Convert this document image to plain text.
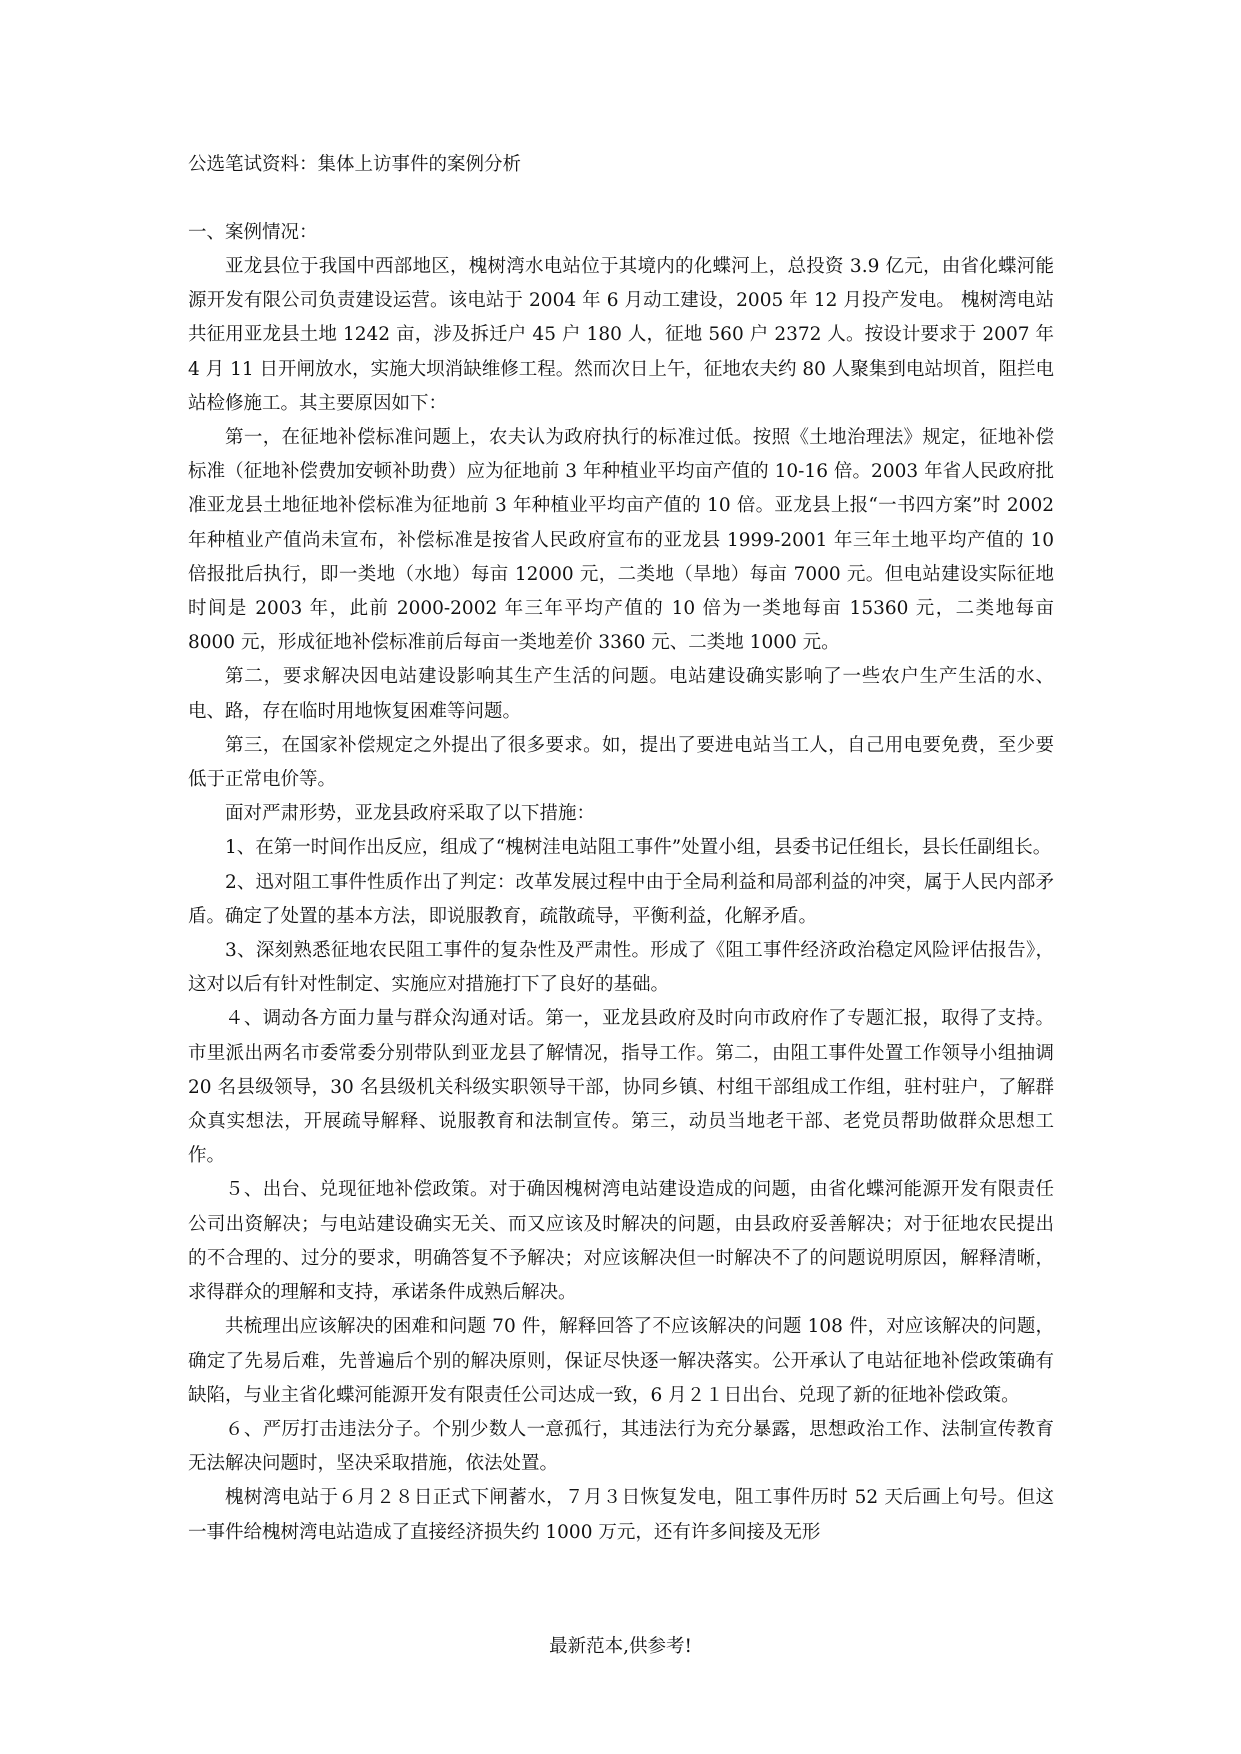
公选笔试资料：集体上访事件的案例分析

一、案例情况：

亚龙县位于我国中西部地区，槐树湾水电站位于其境内的化蝶河上，总投资 3.9 亿元，由省化蝶河能源开发有限公司负责建设运营。该电站于 2004 年 6 月动工建设，2005 年 12 月投产发电。 槐树湾电站共征用亚龙县土地 1242 亩，涉及拆迁户 45 户 180 人，征地 560 户 2372 人。按设计要求于 2007 年 4 月 11 日开闸放水，实施大坝消缺维修工程。然而次日上午，征地农夫约 80 人聚集到电站坝首，阻拦电站检修施工。其主要原因如下：

第一，在征地补偿标准问题上，农夫认为政府执行的标准过低。按照《土地治理法》规定，征地补偿标准（征地补偿费加安顿补助费）应为征地前 3 年种植业平均亩产值的 10-16 倍。2003 年省人民政府批准亚龙县土地征地补偿标准为征地前 3 年种植业平均亩产值的 10 倍。亚龙县上报“一书四方案”时 2002 年种植业产值尚未宣布，补偿标准是按省人民政府宣布的亚龙县 1999-2001 年三年土地平均产值的 10 倍报批后执行，即一类地（水地）每亩 12000 元，二类地（旱地）每亩 7000 元。但电站建设实际征地时间是 2003 年，此前 2000-2002 年三年平均产值的 10 倍为一类地每亩 15360 元，二类地每亩 8000 元，形成征地补偿标准前后每亩一类地差价 3360 元、二类地 1000 元。

第二，要求解决因电站建设影响其生产生活的问题。电站建设确实影响了一些农户生产生活的水、电、路，存在临时用地恢复困难等问题。

第三，在国家补偿规定之外提出了很多要求。如，提出了要进电站当工人，自己用电要免费，至少要低于正常电价等。

面对严肃形势，亚龙县政府采取了以下措施：

1、在第一时间作出反应，组成了“槐树洼电站阻工事件”处置小组，县委书记任组长，县长任副组长。

2、迅对阻工事件性质作出了判定：改革发展过程中由于全局利益和局部利益的冲突，属于人民内部矛盾。确定了处置的基本方法，即说服教育，疏散疏导，平衡利益，化解矛盾。

3、深刻熟悉征地农民阻工事件的复杂性及严肃性。形成了《阻工事件经济政治稳定风险评估报告》，这对以后有针对性制定、实施应对措施打下了良好的基础。

４、调动各方面力量与群众沟通对话。第一，亚龙县政府及时向市政府作了专题汇报，取得了支持。市里派出两名市委常委分别带队到亚龙县了解情况，指导工作。第二，由阻工事件处置工作领导小组抽调 20 名县级领导，30 名县级机关科级实职领导干部，协同乡镇、村组干部组成工作组，驻村驻户，了解群众真实想法，开展疏导解释、说服教育和法制宣传。第三，动员当地老干部、老党员帮助做群众思想工作。

５、出台、兑现征地补偿政策。对于确因槐树湾电站建设造成的问题，由省化蝶河能源开发有限责任公司出资解决；与电站建设确实无关、而又应该及时解决的问题，由县政府妥善解决；对于征地农民提出的不合理的、过分的要求，明确答复不予解决；对应该解决但一时解决不了的问题说明原因，解释清晰，求得群众的理解和支持，承诺条件成熟后解决。

共梳理出应该解决的困难和问题 70 件，解释回答了不应该解决的问题 108 件，对应该解决的问题，确定了先易后难，先普遍后个别的解决原则，保证尽快逐一解决落实。公开承认了电站征地补偿政策确有缺陷，与业主省化蝶河能源开发有限责任公司达成一致，6 月２１日出台、兑现了新的征地补偿政策。

６、严厉打击违法分子。个别少数人一意孤行，其违法行为充分暴露，思想政治工作、法制宣传教育无法解决问题时，坚决采取措施，依法处置。

槐树湾电站于６月２８日正式下闸蓄水，７月３日恢复发电，阻工事件历时 52 天后画上句号。但这一事件给槐树湾电站造成了直接经济损失约 1000 万元，还有许多间接及无形

最新范本,供参考!
